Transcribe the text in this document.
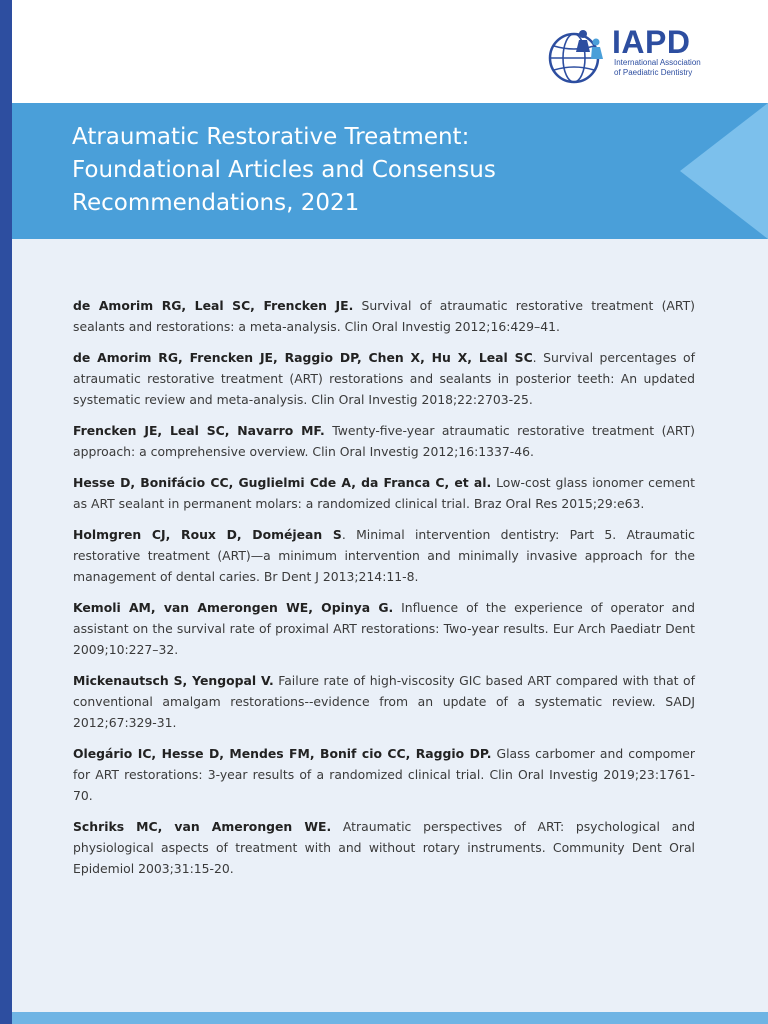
IAPD
International Association
of Paediatric Dentistry
Atraumatic Restorative Treatment:
Foundational Articles and Consensus
Recommendations, 2021

de Amorim RG, Leal SC, Frencken JE. Survival of atraumatic restorative treatment (ART) sealants and restorations: a meta-analysis. Clin Oral Investig 2012;16:429–41.

de Amorim RG, Frencken JE, Raggio DP, Chen X, Hu X, Leal SC. Survival percentages of atraumatic restorative treatment (ART) restorations and sealants in posterior teeth: An updated systematic review and meta-analysis. Clin Oral Investig 2018;22:2703-25.

Frencken JE, Leal SC, Navarro MF. Twenty-five-year atraumatic restorative treatment (ART) approach: a comprehensive overview. Clin Oral Investig 2012;16:1337-46.

Hesse D, Bonifácio CC, Guglielmi Cde A, da Franca C, et al. Low-cost glass ionomer cement as ART sealant in permanent molars: a randomized clinical trial. Braz Oral Res 2015;29:e63.

Holmgren CJ, Roux D, Doméjean S. Minimal intervention dentistry: Part 5. Atraumatic restorative treatment (ART)—a minimum intervention and minimally invasive approach for the management of dental caries. Br Dent J 2013;214:11-8.

Kemoli AM, van Amerongen WE, Opinya G. Influence of the experience of operator and assistant on the survival rate of proximal ART restorations: Two-year results. Eur Arch Paediatr Dent 2009;10:227–32.

Mickenautsch S, Yengopal V. Failure rate of high-viscosity GIC based ART compared with that of conventional amalgam restorations--evidence from an update of a systematic review. SADJ 2012;67:329-31.

Olegário IC, Hesse D, Mendes FM, Bonif cio CC, Raggio DP. Glass carbomer and compomer for ART restorations: 3-year results of a randomized clinical trial. Clin Oral Investig 2019;23:1761-70.

Schriks MC, van Amerongen WE. Atraumatic perspectives of ART: psychological and physiological aspects of treatment with and without rotary instruments. Community Dent Oral Epidemiol 2003;31:15-20.
